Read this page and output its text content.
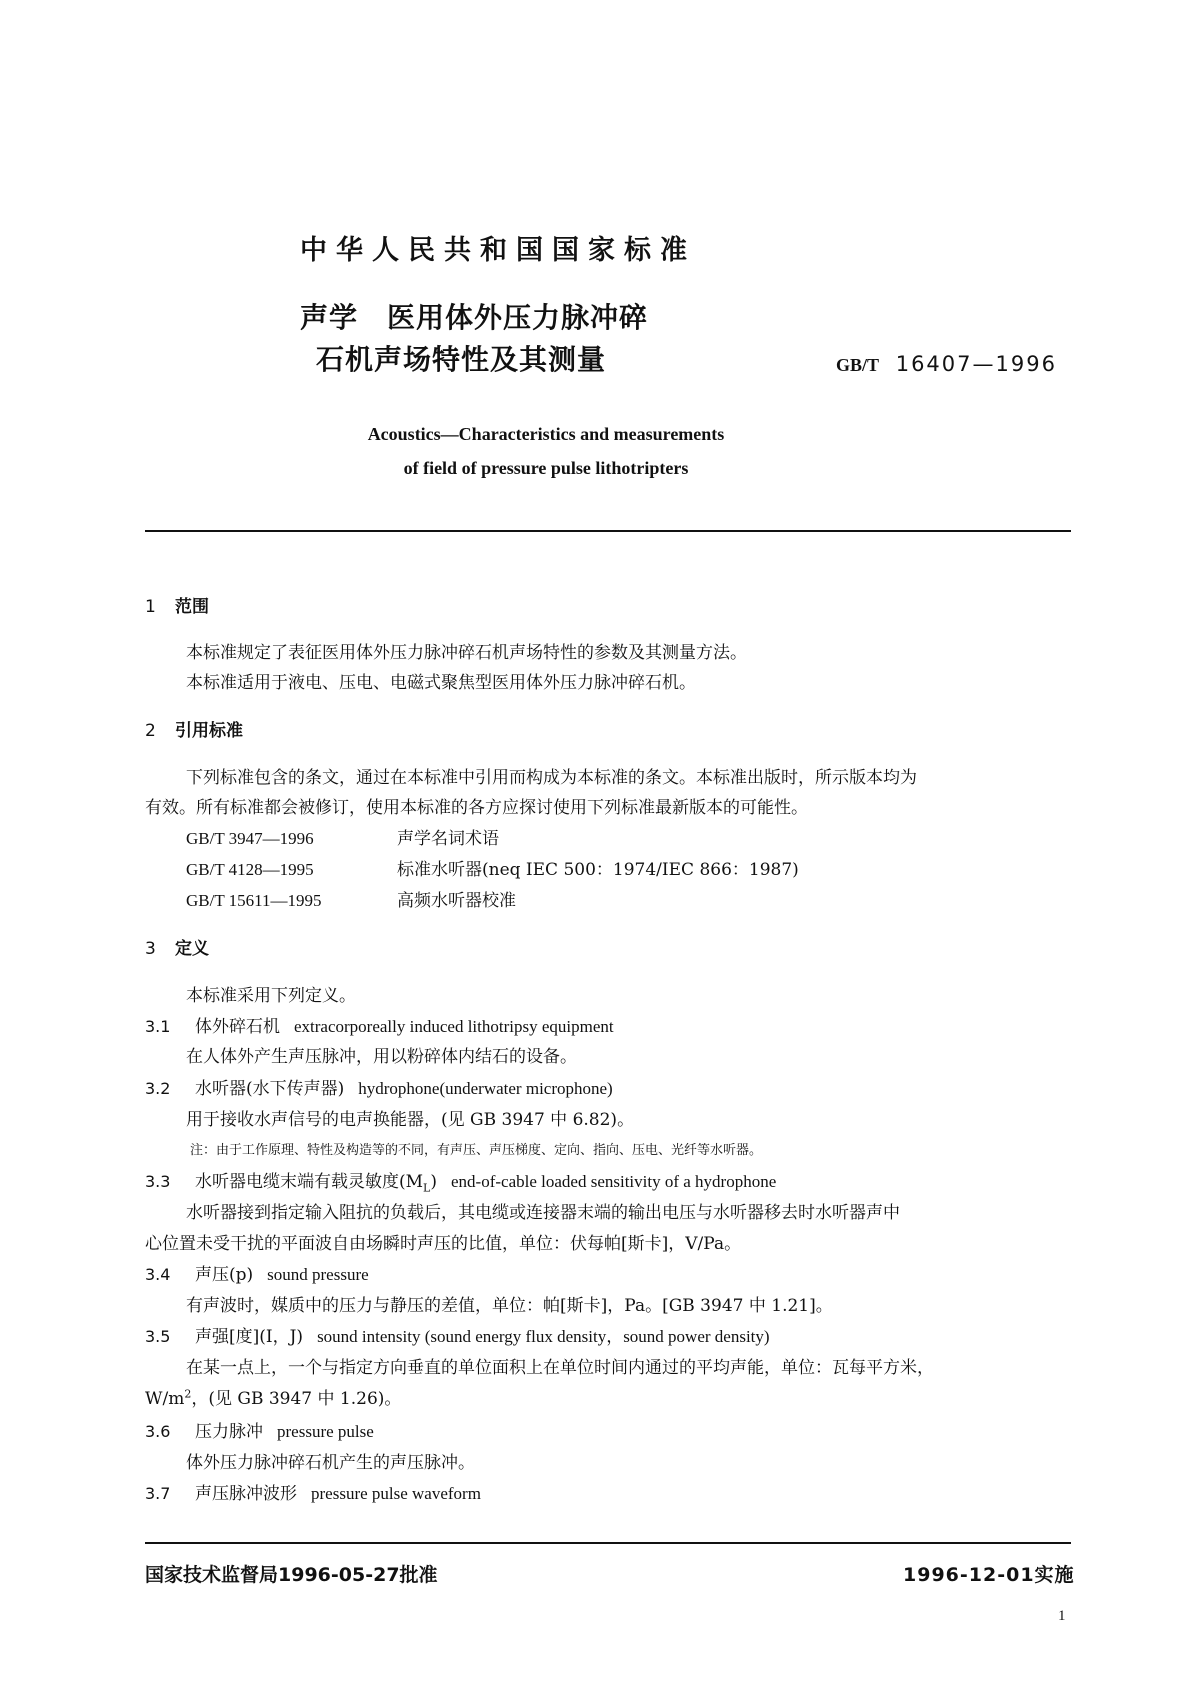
中华人民共和国国家标准
声学　医用体外压力脉冲碎
石机声场特性及其测量	GB/T 16407—1996
Acoustics—Characteristics and measurements
of field of pressure pulse lithotripters
1 范围
本标准规定了表征医用体外压力脉冲碎石机声场特性的参数及其测量方法。
本标准适用于液电、压电、电磁式聚焦型医用体外压力脉冲碎石机。
2 引用标准
下列标准包含的条文，通过在本标准中引用而构成为本标准的条文。本标准出版时，所示版本均为
有效。所有标准都会被修订，使用本标准的各方应探讨使用下列标准最新版本的可能性。
GB/T 3947—1996	声学名词术语
GB/T 4128—1995	标准水听器(neq IEC 500：1974/IEC 866：1987)
GB/T 15611—1995	高频水听器校准
3 定义
本标准采用下列定义。
3.1 体外碎石机 extracorporeally induced lithotripsy equipment
在人体外产生声压脉冲，用以粉碎体内结石的设备。
3.2 水听器(水下传声器) hydrophone(underwater microphone)
用于接收水声信号的电声换能器，(见 GB 3947 中 6.82)。
注：由于工作原理、特性及构造等的不同，有声压、声压梯度、定向、指向、压电、光纤等水听器。
3.3 水听器电缆末端有载灵敏度$(M_L)$ end-of-cable loaded sensitivity of a hydrophone
水听器接到指定输入阻抗的负载后，其电缆或连接器末端的输出电压与水听器移去时水听器声中
心位置未受干扰的平面波自由场瞬时声压的比值，单位：伏每帕[斯卡]，V/Pa。
3.4 声压(p) sound pressure
有声波时，媒质中的压力与静压的差值，单位：帕[斯卡]，Pa。[GB 3947 中 1.21]。
3.5 声强[度](I，J) sound intensity (sound energy flux density，sound power density)
在某一点上，一个与指定方向垂直的单位面积上在单位时间内通过的平均声能，单位：瓦每平方米，
$W/m^2$，(见 GB 3947 中 1.26)。
3.6 压力脉冲 pressure pulse
体外压力脉冲碎石机产生的声压脉冲。
3.7 声压脉冲波形 pressure pulse waveform
国家技术监督局1996-05-27批准	1996-12-01实施
1
